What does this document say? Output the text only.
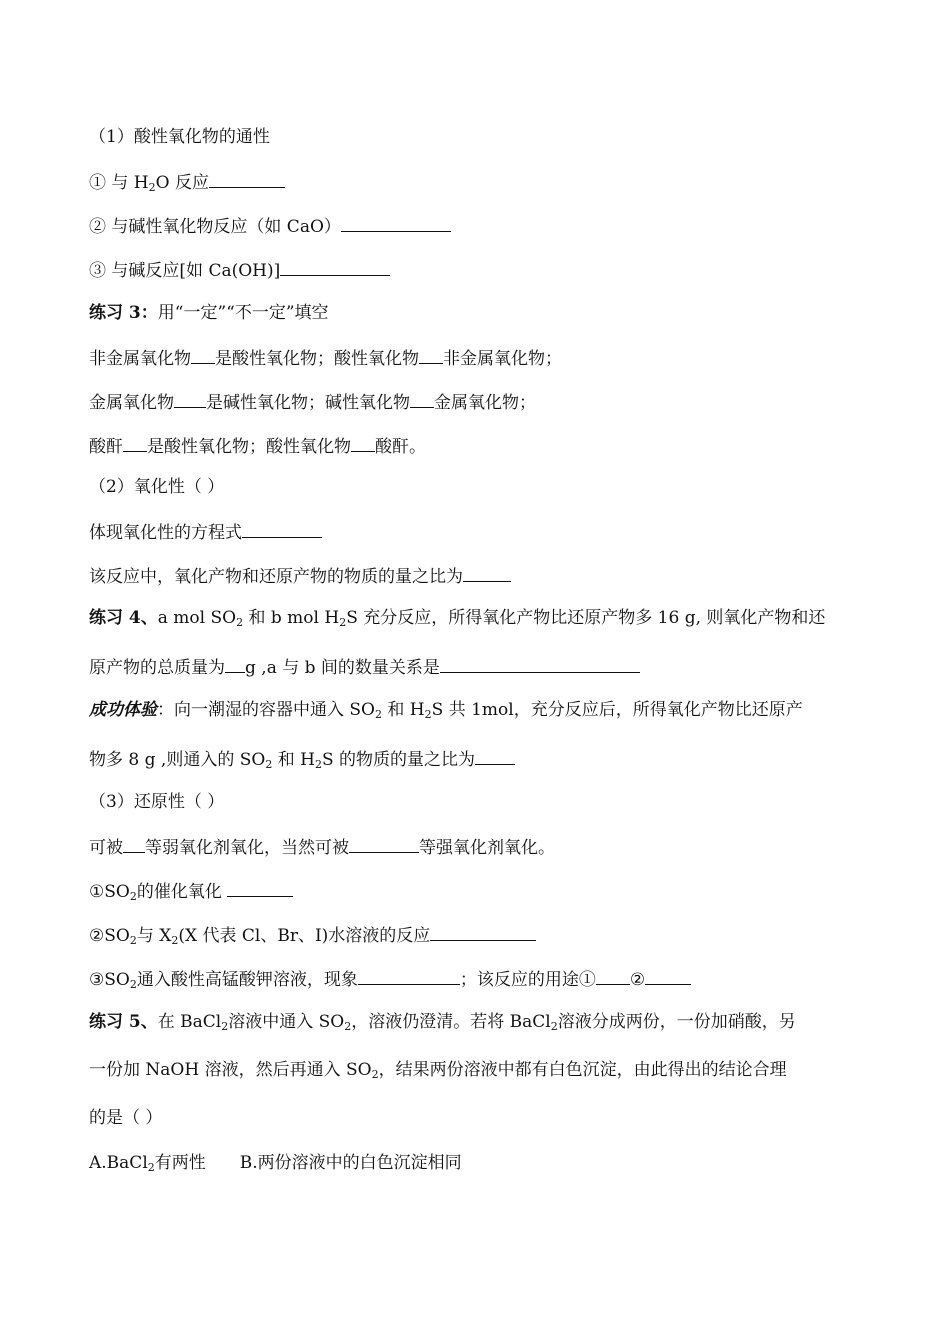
（1）酸性氧化物的通性
① 与 $H_2O$ 反应
② 与碱性氧化物反应（如 CaO）
③ 与碱反应[如 Ca(OH)]
练习 3：用“一定”“不一定”填空
非金属氧化物 是酸性氧化物；酸性氧化物 非金属氧化物；
金属氧化物 是碱性氧化物；碱性氧化物 金属氧化物；
酸酐 是酸性氧化物；酸性氧化物 酸酐。
（2）氧化性（ ）
体现氧化性的方程式
该反应中，氧化产物和还原产物的物质的量之比为
练习 4、a mol $SO_2$ 和 b mol $H_2S$ 充分反应，所得氧化产物比还原产物多 16 g, 则氧化产物和还
原产物的总质量为 g ,a 与 b 间的数量关系是
成功体验：向一潮湿的容器中通入 $SO_2$ 和 $H_2S$ 共 1mol，充分反应后，所得氧化产物比还原产
物多 8 g ,则通入的 $SO_2$ 和 $H_2S$ 的物质的量之比为
（3）还原性（ ）
可被 等弱氧化剂氧化，当然可被	等强氧化剂氧化。
$①SO_2$的催化氧化
$②SO_2$与 $X_2(X$ 代表 Cl、Br、I)水溶液的反应
$③SO_2$通入酸性高锰酸钾溶液，现象	；该反应的用途① ②
练习 5、在 BaCl$_2$溶液中通入 $SO_2$，溶液仍澄清。若将 BaCl$_2$溶液分成两份，一份加硝酸，另
一份加 NaOH 溶液，然后再通入 $SO_2$，结果两份溶液中都有白色沉淀，由此得出的结论合理
的是（ ）
A.BaCl$_2$有两性 B.两份溶液中的白色沉淀相同
